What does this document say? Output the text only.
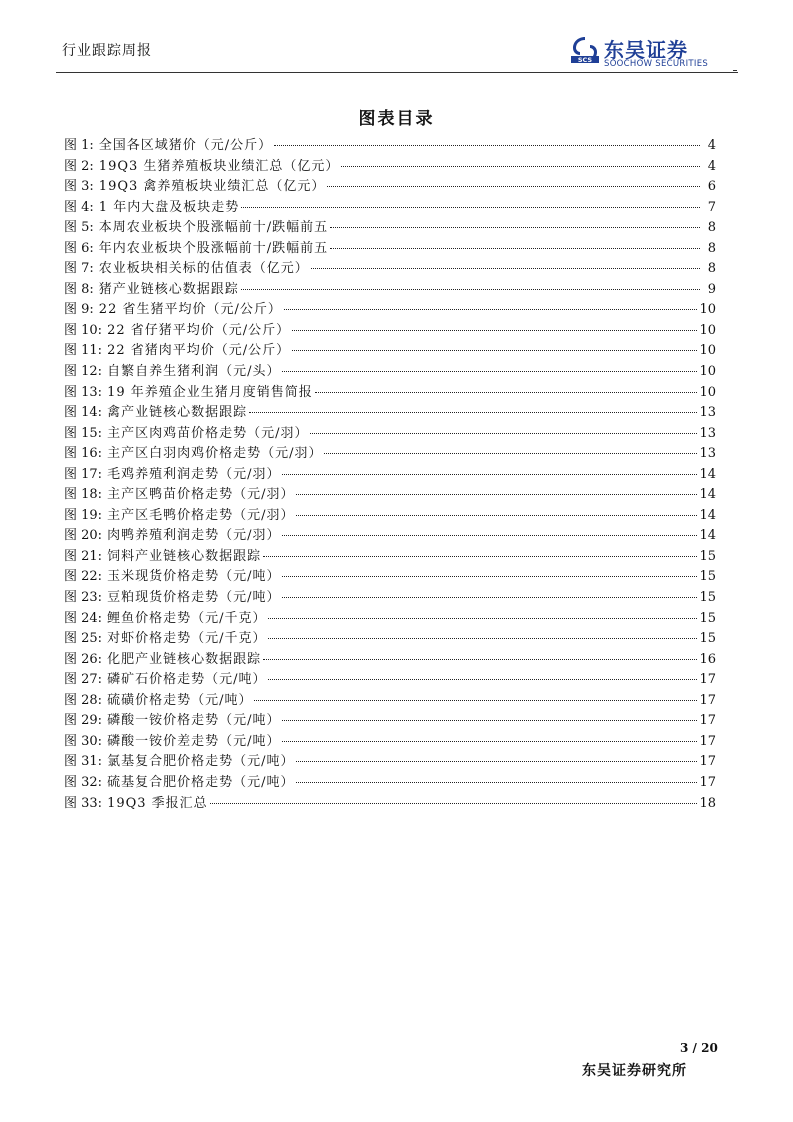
行业跟踪周报
SCS 东吴证券
SOOCHOW SECURITIES
图表目录
图 1: 全国各区域猪价（元/公斤）	4
图 2: 19Q3 生猪养殖板块业绩汇总（亿元）	4
图 3: 19Q3 禽养殖板块业绩汇总（亿元）	6
图 4: 1 年内大盘及板块走势	7
图 5: 本周农业板块个股涨幅前十/跌幅前五	8
图 6: 年内农业板块个股涨幅前十/跌幅前五	8
图 7: 农业板块相关标的估值表（亿元）	8
图 8: 猪产业链核心数据跟踪	9
图 9: 22 省生猪平均价（元/公斤）	10
图 10: 22 省仔猪平均价（元/公斤）	10
图 11: 22 省猪肉平均价（元/公斤）	10
图 12: 自繁自养生猪利润（元/头）	10
图 13: 19 年养殖企业生猪月度销售简报	10
图 14: 禽产业链核心数据跟踪	13
图 15: 主产区肉鸡苗价格走势（元/羽）	13
图 16: 主产区白羽肉鸡价格走势（元/羽）	13
图 17: 毛鸡养殖利润走势（元/羽）	14
图 18: 主产区鸭苗价格走势（元/羽）	14
图 19: 主产区毛鸭价格走势（元/羽）	14
图 20: 肉鸭养殖利润走势（元/羽）	14
图 21: 饲料产业链核心数据跟踪	15
图 22: 玉米现货价格走势（元/吨）	15
图 23: 豆粕现货价格走势（元/吨）	15
图 24: 鲤鱼价格走势（元/千克）	15
图 25: 对虾价格走势（元/千克）	15
图 26: 化肥产业链核心数据跟踪	16
图 27: 磷矿石价格走势（元/吨）	17
图 28: 硫磺价格走势（元/吨）	17
图 29: 磷酸一铵价格走势（元/吨）	17
图 30: 磷酸一铵价差走势（元/吨）	17
图 31: 氯基复合肥价格走势（元/吨）	17
图 32: 硫基复合肥价格走势（元/吨）	17
图 33: 19Q3 季报汇总	18
3 / 20
东吴证券研究所
